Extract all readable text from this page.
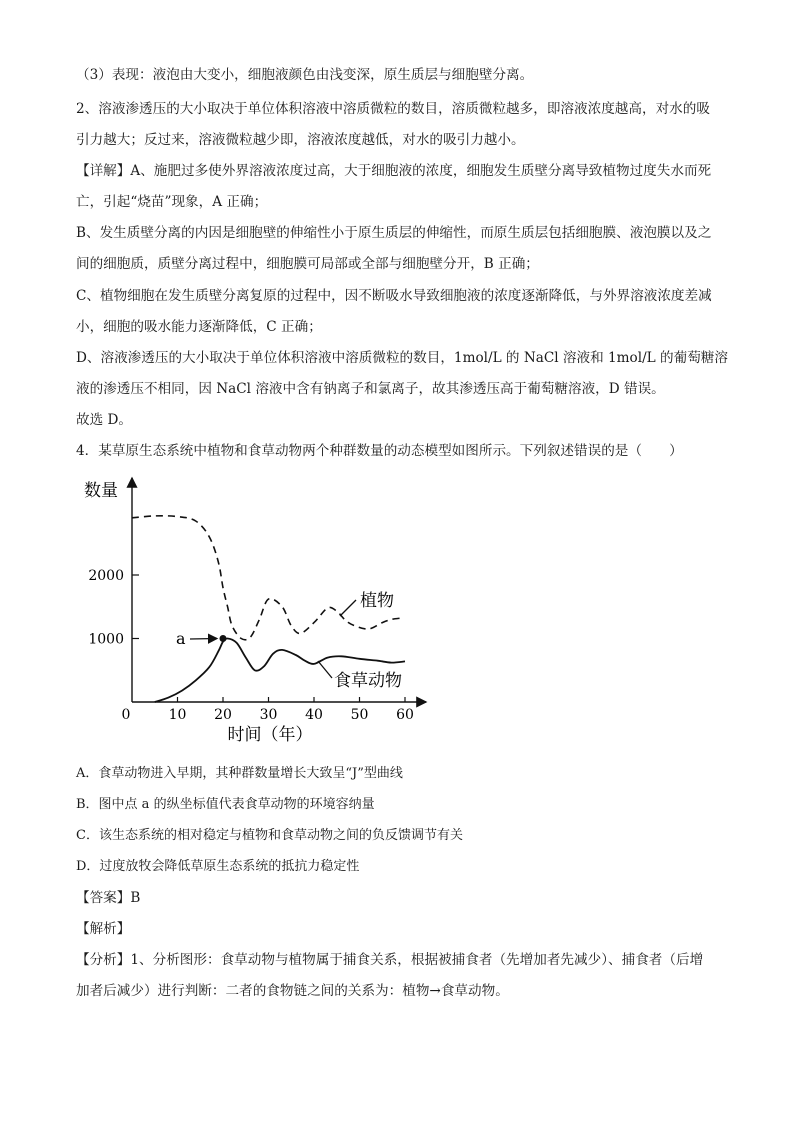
（3）表现：液泡由大变小，细胞液颜色由浅变深，原生质层与细胞壁分离。
2、溶液渗透压的大小取决于单位体积溶液中溶质微粒的数目，溶质微粒越多，即溶液浓度越高，对水的吸
引力越大；反过来，溶液微粒越少即，溶液浓度越低，对水的吸引力越小。
【详解】A、施肥过多使外界溶液浓度过高，大于细胞液的浓度，细胞发生质壁分离导致植物过度失水而死
亡，引起“烧苗”现象，A 正确；
B、发生质壁分离的内因是细胞壁的伸缩性小于原生质层的伸缩性，而原生质层包括细胞膜、液泡膜以及之
间的细胞质，质壁分离过程中，细胞膜可局部或全部与细胞壁分开，B 正确；
C、植物细胞在发生质壁分离复原的过程中，因不断吸水导致细胞液的浓度逐渐降低，与外界溶液浓度差减
小，细胞的吸水能力逐渐降低，C 正确；
D、溶液渗透压的大小取决于单位体积溶液中溶质微粒的数目，1mol/L 的 NaCl 溶液和 1mol/L 的葡萄糖溶
液的渗透压不相同，因 NaCl 溶液中含有钠离子和氯离子，故其渗透压高于葡萄糖溶液，D 错误。
故选 D。
4．某草原生态系统中植物和食草动物两个种群数量的动态模型如图所示。下列叙述错误的是（　　）
0	10 20 30 40 50 60
1000
2000
数量
时间（年）
植物
食草动物
a
A．食草动物进入早期，其种群数量增长大致呈“J”型曲线
B．图中点 a 的纵坐标值代表食草动物的环境容纳量
C．该生态系统的相对稳定与植物和食草动物之间的负反馈调节有关
D．过度放牧会降低草原生态系统的抵抗力稳定性
【答案】B
【解析】
【分析】1、分析图形：食草动物与植物属于捕食关系，根据被捕食者（先增加者先减少）、捕食者（后增
加者后减少）进行判断：二者的食物链之间的关系为：植物→食草动物。
